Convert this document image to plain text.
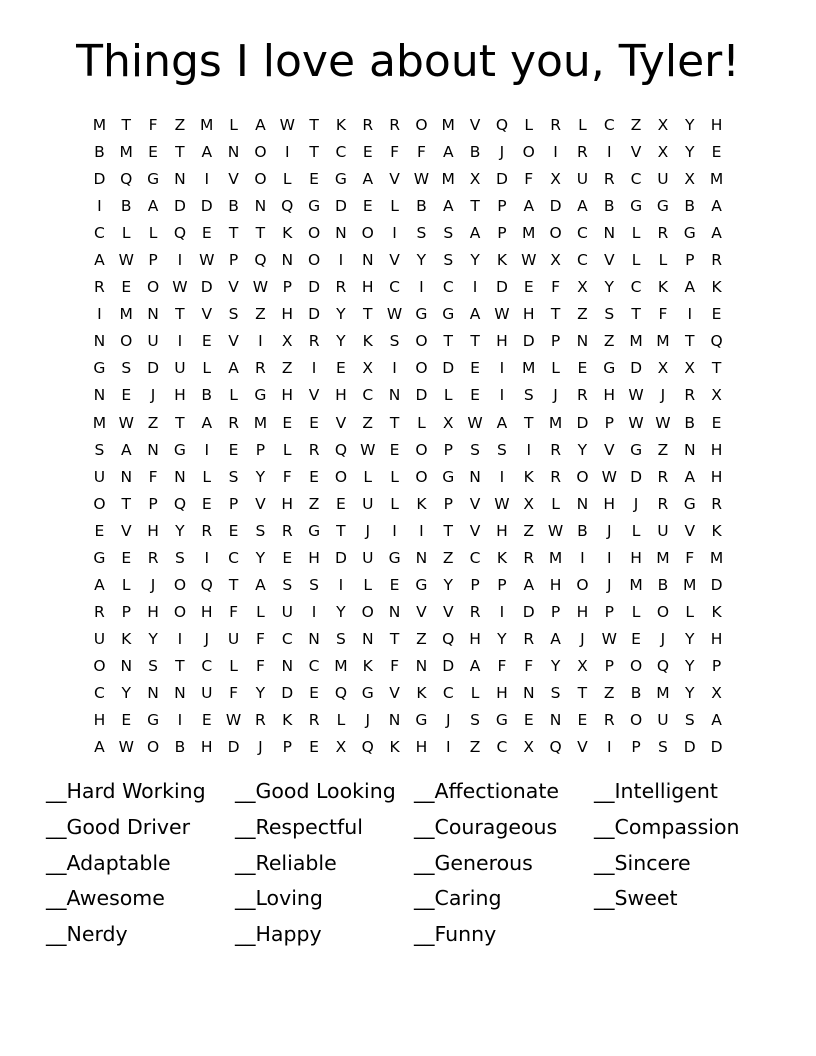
Things I love about you, Tyler!
M T	F	Z M	L	A W T	K	R	R O M V Q	L	R	L	C	Z	X	Y	H
B M E	T	A	N O	I	T	C	E	F	F	A	B	J	O	I	R	I	V	X	Y	E
D Q G N	I	V O	L	E	G	A	V W M X	D	F	X	U	R	C	U	X M
I	B	A	D D	B	N Q G D	E	L	B	A	T	P	A	D	A	B	G G	B	A
C	L	L	Q	E	T	T	K	O N O	I	S	S	A	P M O C	N	L	R G	A
A W P	I	W P	Q N O	I	N	V	Y	S	Y	K W X	C	V	L	L	P	R
R	E	O W D	V W P	D R	H	C	I	C	I	D	E	F	X	Y	C	K	A	K
I	M N	T	V	S	Z	H D	Y	T W G G	A W H	T	Z	S	T	F	I	E
N O U	I	E	V	I	X	R	Y	K	S	O	T	T	H D	P	N	Z M M T	Q
G	S	D U	L	A	R	Z	I	E	X	I	O D	E	I	M	L	E	G D	X	X	T
N	E	J	H	B	L	G H	V	H	C	N D	L	E	I	S	J	R	H W	J	R	X
M W Z	T	A	R M E	E	V	Z	T	L	X W A	T M D	P W W B	E
S	A	N G	I	E	P	L	R Q W E	O	P	S	S	I	R	Y	V	G	Z	N H
U N	F	N	L	S	Y	F	E	O	L	L	O G N	I	K	R O W D R	A	H
O	T	P	Q	E	P	V	H	Z	E	U	L	K	P	V W X	L	N H	J	R G R
E	V	H	Y	R	E	S	R G	T	J	I	I	T	V	H	Z W B	J	L	U	V	K
G	E	R	S	I	C	Y	E	H D U G N	Z	C	K	R M	I	I	H M	F	M
A	L	J	O Q	T	A	S	S	I	L	E	G	Y	P	P	A	H O	J	M B M D
R	P	H O H	F	L	U	I	Y	O N	V	V	R	I	D	P	H	P	L	O	L	K
U	K	Y	I	J	U	F	C	N	S	N	T	Z Q H	Y	R	A	J	W E	J	Y	H
O N	S	T	C	L	F	N	C M K	F	N D	A	F	F	Y	X	P	O Q	Y	P
C	Y	N N U	F	Y	D	E	Q G	V	K	C	L	H N	S	T	Z	B M Y	X
H	E	G	I	E W R	K	R	L	J	N G	J	S	G	E	N	E	R O U	S	A
A W O B	H D	J	P	E	X Q	K	H	I	Z	C	X Q V	I	P	S	D D
__Hard Working	__Good Looking __Affectionate	__Intelligent
__Good Driver	__Respectful	__Courageous	__Compassion
__Adaptable	__Reliable	__Generous	__Sincere
__Awesome	__Loving	__Caring	__Sweet
__Nerdy	__Happy	__Funny
